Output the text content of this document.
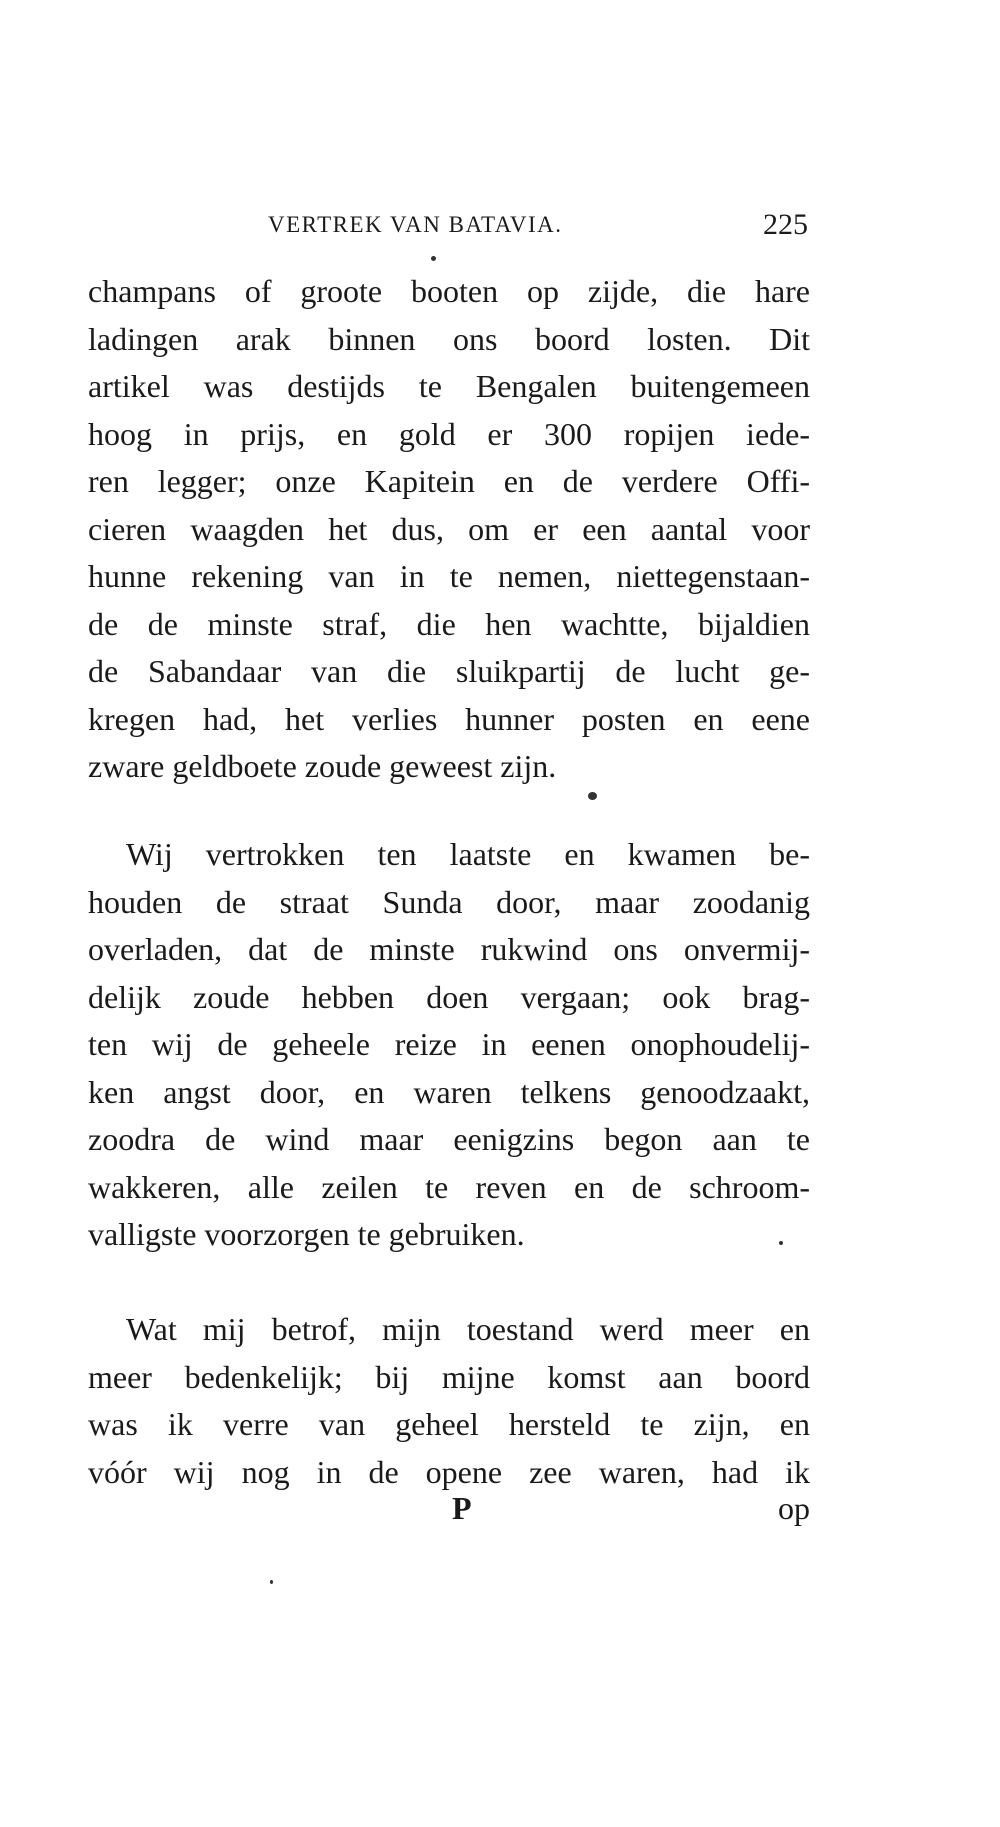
VERTREK VAN BATAVIA.	225
champans of groote booten op zijde, die hare
ladingen arak binnen ons boord losten. Dit
artikel was destijds te Bengalen buitengemeen
hoog in prijs, en gold er 300 ropijen iede-
ren legger; onze Kapitein en de verdere Offi-
cieren waagden het dus, om er een aantal voor
hunne rekening van in te nemen, niettegenstaan-
de de minste straf, die hen wachtte, bijaldien
de Sabandaar van die sluikpartij de lucht ge-
kregen had, het verlies hunner posten en eene
zware geldboete zoude geweest zijn.
Wij vertrokken ten laatste en kwamen be-
houden de straat Sunda door, maar zoodanig
overladen, dat de minste rukwind ons onvermij-
delijk zoude hebben doen vergaan; ook brag-
ten wij de geheele reize in eenen onophoudelij-
ken angst door, en waren telkens genoodzaakt,
zoodra de wind maar eenigzins begon aan te
wakkeren, alle zeilen te reven en de schroom-
valligste voorzorgen te gebruiken.
Wat mij betrof, mijn toestand werd meer en
meer bedenkelijk; bij mijne komst aan boord
was ik verre van geheel hersteld te zijn, en
vóór wij nog in de opene zee waren, had ik
P	op
